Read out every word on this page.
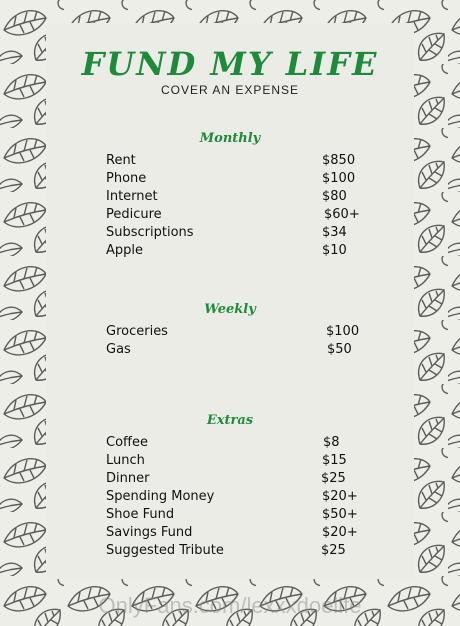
FUND MY LIFE
COVER AN EXPENSE
Monthly
Rent	$850
Phone	$100
Internet	$80
Pedicure	$60+
Subscriptions	$34
Apple	$10
Weekly
Groceries	$100
Gas	$50
Extras
Coffee	$8
Lunch	$15
Dinner	$25
Spending Money	$20+
Shoe Fund	$50+
Savings Fund	$20+
Suggested Tribute	$25
OnlyFans.com/lexxxdoelife
